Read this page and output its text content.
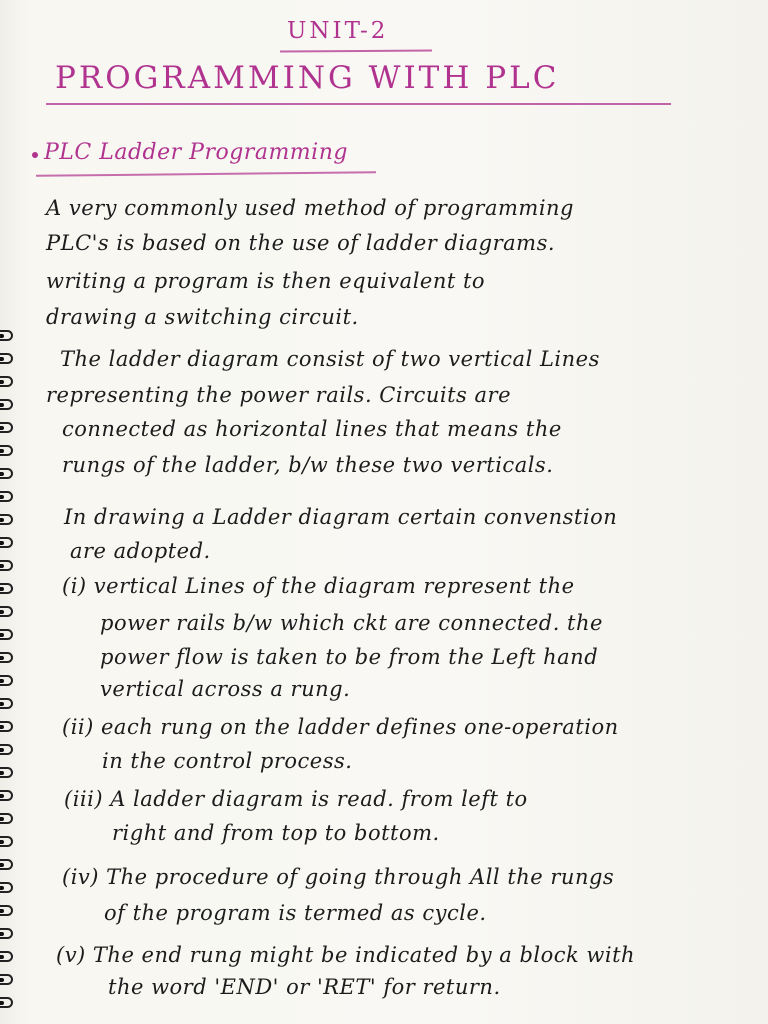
UNIT-2
PROGRAMMING WITH PLC
PLC Ladder Programming
A very commonly used method of programming
PLC's is based on the use of ladder diagrams.
writing a program is then equivalent to
drawing a switching circuit.
The ladder diagram consist of two vertical Lines
representing the power rails. Circuits are
connected as horizontal lines that means the
rungs of the ladder, b/w these two verticals.
In drawing a Ladder diagram certain convenstion
are adopted.
(i) vertical Lines of the diagram represent the
power rails b/w which ckt are connected. the
power flow is taken to be from the Left hand
vertical across a rung.
(ii) each rung on the ladder defines one-operation
in the control process.
(iii) A ladder diagram is read. from left to
right and from top to bottom.
(iv) The procedure of going through All the rungs
of the program is termed as cycle.
(v) The end rung might be indicated by a block with
the word 'END' or 'RET' for return.
